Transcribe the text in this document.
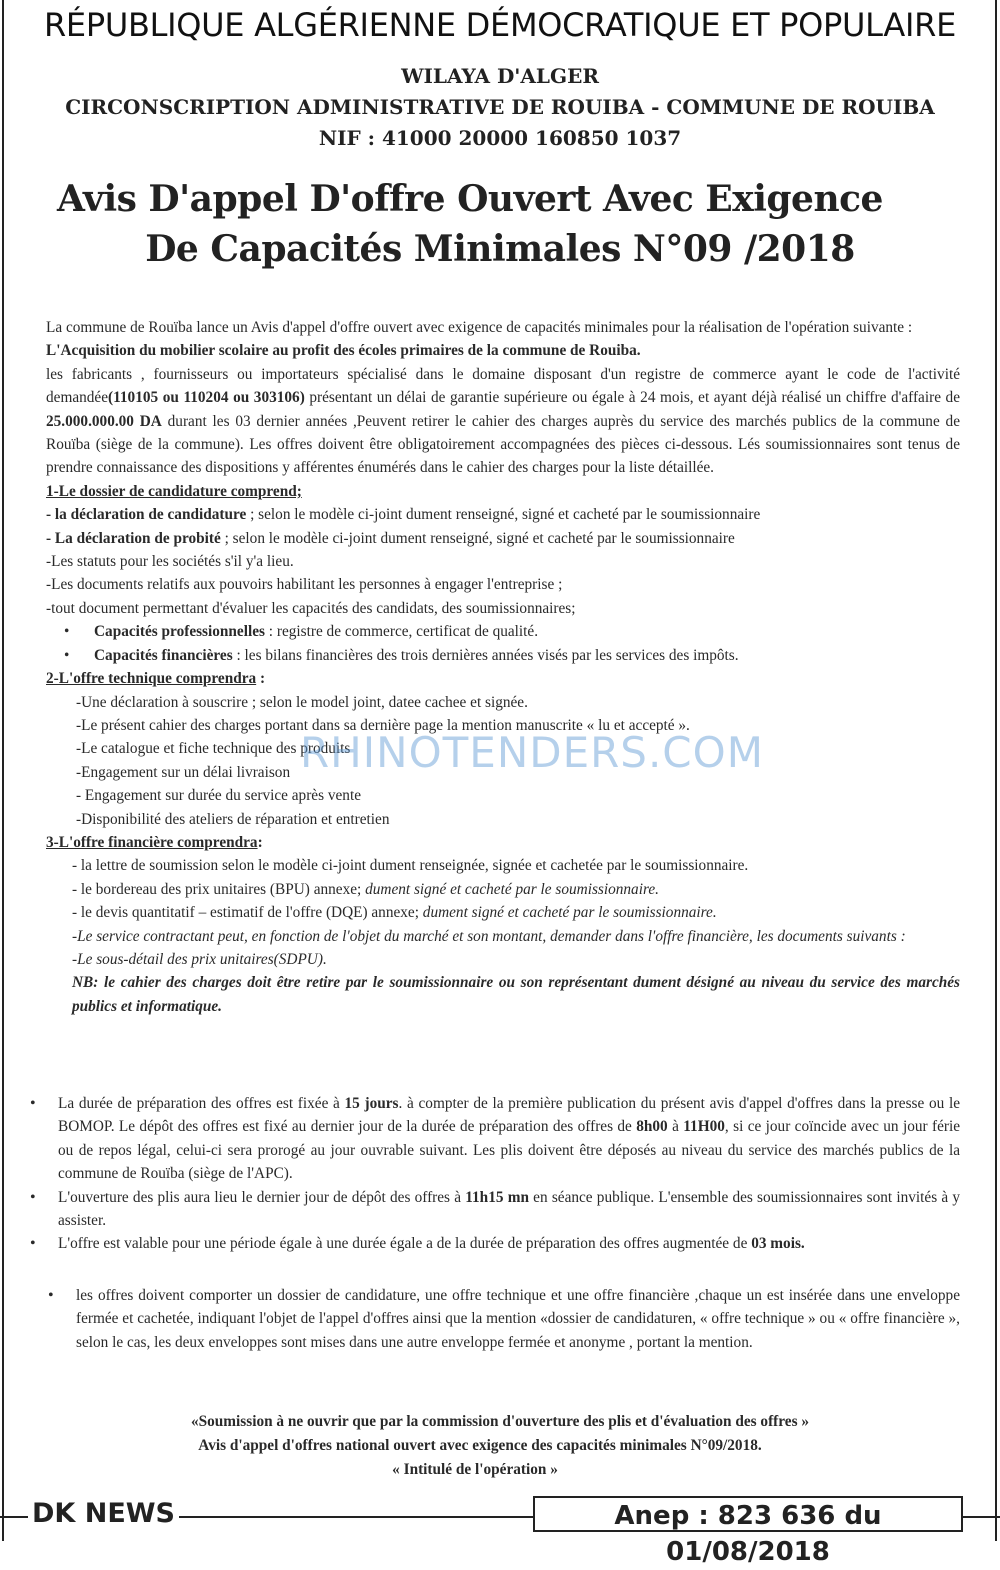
RÉPUBLIQUE ALGÉRIENNE DÉMOCRATIQUE ET POPULAIRE
WILAYA D'ALGER
CIRCONSCRIPTION ADMINISTRATIVE DE ROUIBA - COMMUNE DE ROUIBA
NIF : 41000 20000 160850 1037
Avis D'appel D'offre Ouvert Avec Exigence
De Capacités Minimales N°09 /2018

La commune de Rouïba lance un Avis d'appel d'offre ouvert avec exigence de capacités minimales pour la réalisation de l'opération suivante :

L'Acquisition du mobilier scolaire au profit des écoles primaires de la commune de Rouiba.

les fabricants , fournisseurs ou importateurs spécialisé dans le domaine disposant d'un registre de commerce ayant le code de l'activité demandée(110105 ou 110204 ou 303106) présentant un délai de garantie supérieure ou égale à 24 mois, et ayant déjà réalisé un chiffre d'affaire de 25.000.000.00 DA durant les 03 dernier années ,Peuvent retirer le cahier des charges auprès du service des marchés publics de la commune de Rouïba (siège de la commune). Les offres doivent être obligatoirement accompagnées des pièces ci-dessous. Lés soumissionnaires sont tenus de prendre connaissance des dispositions y afférentes énumérés dans le cahier des charges pour la liste détaillée.

1-Le dossier de candidature comprend;

- la déclaration de candidature ; selon le modèle ci-joint dument renseigné, signé et cacheté par le soumissionnaire

- La déclaration de probité ; selon le modèle ci-joint dument renseigné, signé et cacheté par le soumissionnaire

-Les statuts pour les sociétés s'il y'a lieu.

-Les documents relatifs aux pouvoirs habilitant les personnes à engager l'entreprise ;

-tout document permettant d'évaluer les capacités des candidats, des soumissionnaires;

• Capacités professionnelles : registre de commerce, certificat de qualité.

• Capacités financières : les bilans financières des trois dernières années visés par les services des impôts.

2-L'offre technique comprendra :

-Une déclaration à souscrire ; selon le model joint, datee cachee et signée.

-Le présent cahier des charges portant dans sa dernière page la mention manuscrite « lu et accepté ».

-Le catalogue et fiche technique des produits

-Engagement sur un délai livraison

- Engagement sur durée du service après vente

-Disponibilité des ateliers de réparation et entretien

3-L'offre financière comprendra:

- la lettre de soumission selon le modèle ci-joint dument renseignée, signée et cachetée par le soumissionnaire.

- le bordereau des prix unitaires (BPU) annexe; dument signé et cacheté par le soumissionnaire.

- le devis quantitatif – estimatif de l'offre (DQE) annexe; dument signé et cacheté par le soumissionnaire.

-Le service contractant peut, en fonction de l'objet du marché et son montant, demander dans l'offre financière, les documents suivants :

-Le sous-détail des prix unitaires(SDPU).

NB: le cahier des charges doit être retire par le soumissionnaire ou son représentant dument désigné au niveau du service des marchés publics et informatique.

• La durée de préparation des offres est fixée à 15 jours. à compter de la première publication du présent avis d'appel d'offres dans la presse ou le BOMOP. Le dépôt des offres est fixé au dernier jour de la durée de préparation des offres de 8h00 à 11H00, si ce jour coïncide avec un jour férie ou de repos légal, celui-ci sera prorogé au jour ouvrable suivant. Les plis doivent être déposés au niveau du service des marchés publics de la commune de Rouïba (siège de l'APC).

• L'ouverture des plis aura lieu le dernier jour de dépôt des offres à 11h15 mn en séance publique. L'ensemble des soumissionnaires sont invités à y assister.

• L'offre est valable pour une période égale à une durée égale a de la durée de préparation des offres augmentée de 03 mois.

• les offres doivent comporter un dossier de candidature, une offre technique et une offre financière ,chaque un est insérée dans une enveloppe fermée et cachetée, indiquant l'objet de l'appel d'offres ainsi que la mention «dossier de candidaturen, « offre technique » ou « offre financière », selon le cas, les deux enveloppes sont mises dans une autre enveloppe fermée et anonyme , portant la mention.

«Soumission à ne ouvrir que par la commission d'ouverture des plis et d'évaluation des offres »
Avis d'appel d'offres national ouvert avec exigence des capacités minimales N°09/2018.
« Intitulé de l'opération »
RHINOTENDERS.COM
DK NEWS	Anep : 823 636 du 01/08/2018
